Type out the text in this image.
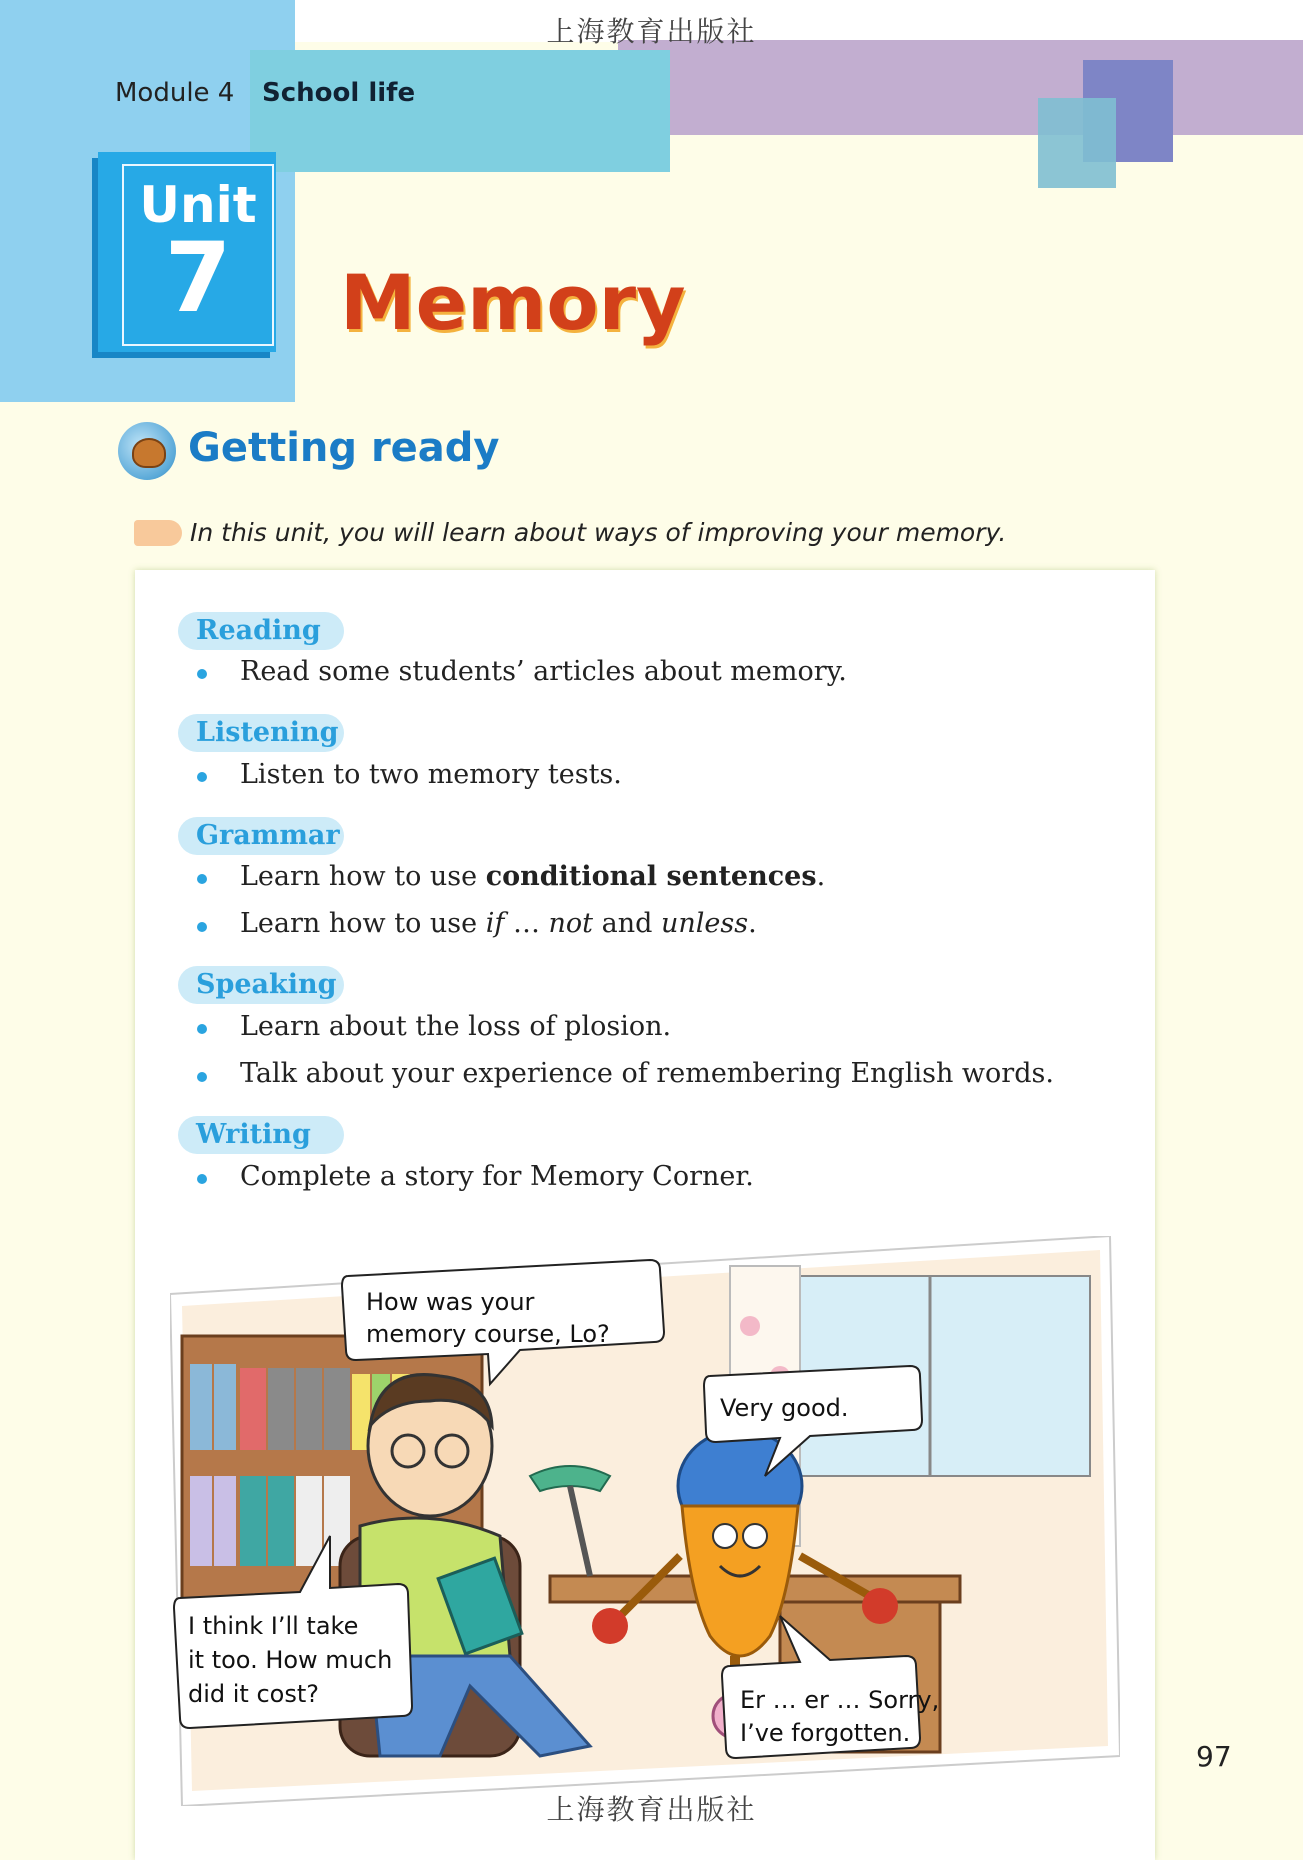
上海教育出版社
Module 4 School life
Unit
7	Memory
Getting ready
In this unit, you will learn about ways of improving your memory.
Reading
Read some students’ articles about memory.
Listening
Listen to two memory tests.
Grammar
Learn how to use conditional sentences.
Learn how to use if … not and unless.
Speaking
Learn about the loss of plosion.
Talk about your experience of remembering English words.
Writing
Complete a story for Memory Corner.
How was your
memory course, Lo?
Very good.
I think I’ll take
it too. How much
did it cost?	Er … er … Sorry,
I’ve forgotten.
97
上海教育出版社
